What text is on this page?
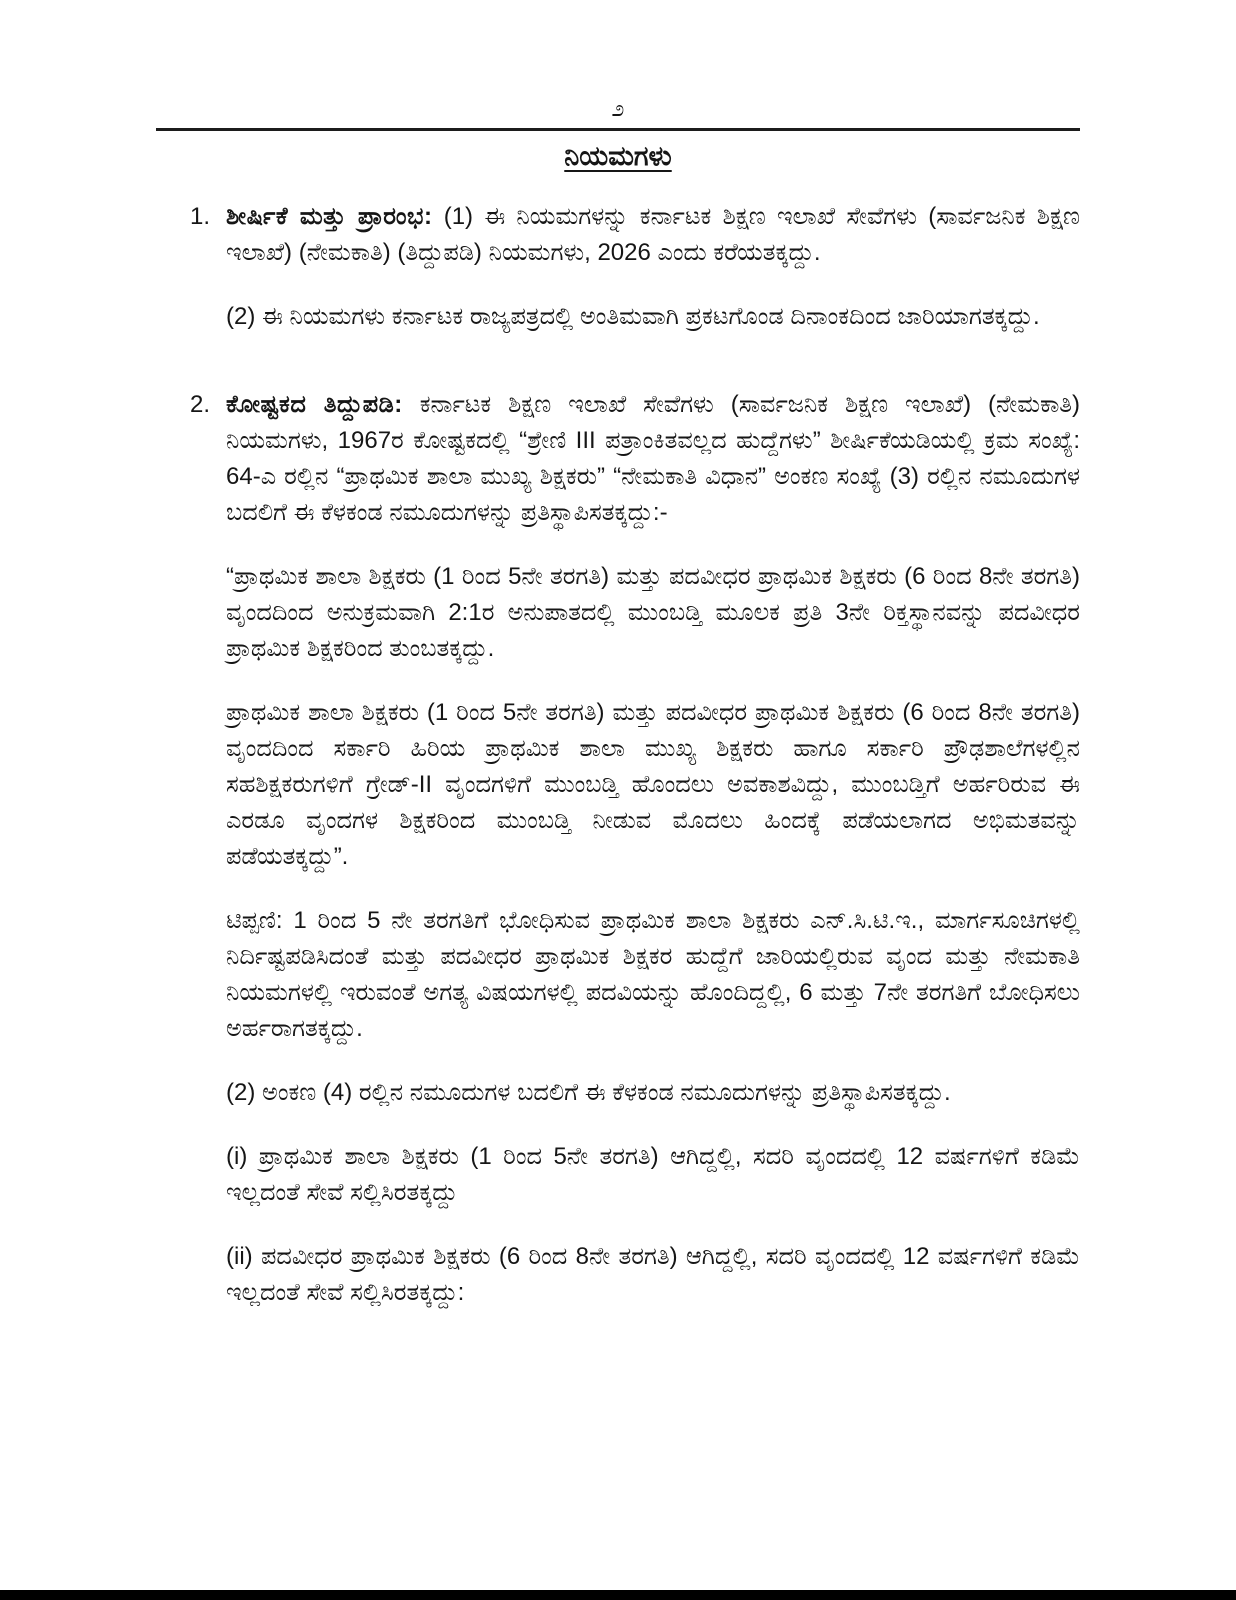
೨
ನಿಯಮಗಳು
1. ಶೀರ್ಷಿಕೆ ಮತ್ತು ಪ್ರಾರಂಭ: (1) ಈ ನಿಯಮಗಳನ್ನು ಕರ್ನಾಟಕ ಶಿಕ್ಷಣ ಇಲಾಖೆ ಸೇವೆಗಳು (ಸಾರ್ವಜನಿಕ ಶಿಕ್ಷಣ ಇಲಾಖೆ) (ನೇಮಕಾತಿ) (ತಿದ್ದುಪಡಿ) ನಿಯಮಗಳು, 2026 ಎಂದು ಕರೆಯತಕ್ಕದ್ದು.

(2) ಈ ನಿಯಮಗಳು ಕರ್ನಾಟಕ ರಾಜ್ಯಪತ್ರದಲ್ಲಿ ಅಂತಿಮವಾಗಿ ಪ್ರಕಟಗೊಂಡ ದಿನಾಂಕದಿಂದ ಜಾರಿಯಾಗತಕ್ಕದ್ದು.

2. ಕೋಷ್ಟಕದ ತಿದ್ದುಪಡಿ: ಕರ್ನಾಟಕ ಶಿಕ್ಷಣ ಇಲಾಖೆ ಸೇವೆಗಳು (ಸಾರ್ವಜನಿಕ ಶಿಕ್ಷಣ ಇಲಾಖೆ) (ನೇಮಕಾತಿ) ನಿಯಮಗಳು, 1967ರ ಕೋಷ್ಟಕದಲ್ಲಿ “ಶ್ರೇಣಿ III ಪತ್ರಾಂಕಿತವಲ್ಲದ ಹುದ್ದೆಗಳು” ಶೀರ್ಷಿಕೆಯಡಿಯಲ್ಲಿ ಕ್ರಮ ಸಂಖ್ಯೆ: 64-ಎ ರಲ್ಲಿನ “ಪ್ರಾಥಮಿಕ ಶಾಲಾ ಮುಖ್ಯ ಶಿಕ್ಷಕರು” “ನೇಮಕಾತಿ ವಿಧಾನ” ಅಂಕಣ ಸಂಖ್ಯೆ (3) ರಲ್ಲಿನ ನಮೂದುಗಳ ಬದಲಿಗೆ ಈ ಕೆಳಕಂಡ ನಮೂದುಗಳನ್ನು ಪ್ರತಿಸ್ಥಾಪಿಸತಕ್ಕದ್ದು:-

“ಪ್ರಾಥಮಿಕ ಶಾಲಾ ಶಿಕ್ಷಕರು (1 ರಿಂದ 5ನೇ ತರಗತಿ) ಮತ್ತು ಪದವೀಧರ ಪ್ರಾಥಮಿಕ ಶಿಕ್ಷಕರು (6 ರಿಂದ 8ನೇ ತರಗತಿ) ವೃಂದದಿಂದ ಅನುಕ್ರಮವಾಗಿ 2:1ರ ಅನುಪಾತದಲ್ಲಿ ಮುಂಬಡ್ತಿ ಮೂಲಕ ಪ್ರತಿ 3ನೇ ರಿಕ್ತಸ್ಥಾನವನ್ನು ಪದವೀಧರ ಪ್ರಾಥಮಿಕ ಶಿಕ್ಷಕರಿಂದ ತುಂಬತಕ್ಕದ್ದು.

ಪ್ರಾಥಮಿಕ ಶಾಲಾ ಶಿಕ್ಷಕರು (1 ರಿಂದ 5ನೇ ತರಗತಿ) ಮತ್ತು ಪದವೀಧರ ಪ್ರಾಥಮಿಕ ಶಿಕ್ಷಕರು (6 ರಿಂದ 8ನೇ ತರಗತಿ) ವೃಂದದಿಂದ ಸರ್ಕಾರಿ ಹಿರಿಯ ಪ್ರಾಥಮಿಕ ಶಾಲಾ ಮುಖ್ಯ ಶಿಕ್ಷಕರು ಹಾಗೂ ಸರ್ಕಾರಿ ಪ್ರೌಢಶಾಲೆಗಳಲ್ಲಿನ ಸಹಶಿಕ್ಷಕರುಗಳಿಗೆ ಗ್ರೇಡ್-II ವೃಂದಗಳಿಗೆ ಮುಂಬಡ್ತಿ ಹೊಂದಲು ಅವಕಾಶವಿದ್ದು, ಮುಂಬಡ್ತಿಗೆ ಅರ್ಹರಿರುವ ಈ ಎರಡೂ ವೃಂದಗಳ ಶಿಕ್ಷಕರಿಂದ ಮುಂಬಡ್ತಿ ನೀಡುವ ಮೊದಲು ಹಿಂದಕ್ಕೆ ಪಡೆಯಲಾಗದ ಅಭಿಮತವನ್ನು ಪಡೆಯತಕ್ಕದ್ದು”.

ಟಿಪ್ಪಣಿ: 1 ರಿಂದ 5 ನೇ ತರಗತಿಗೆ ಭೋಧಿಸುವ ಪ್ರಾಥಮಿಕ ಶಾಲಾ ಶಿಕ್ಷಕರು ಎನ್.ಸಿ.ಟಿ.ಇ., ಮಾರ್ಗಸೂಚಿಗಳಲ್ಲಿ ನಿರ್ದಿಷ್ಟಪಡಿಸಿದಂತೆ ಮತ್ತು ಪದವೀಧರ ಪ್ರಾಥಮಿಕ ಶಿಕ್ಷಕರ ಹುದ್ದೆಗೆ ಜಾರಿಯಲ್ಲಿರುವ ವೃಂದ ಮತ್ತು ನೇಮಕಾತಿ ನಿಯಮಗಳಲ್ಲಿ ಇರುವಂತೆ ಅಗತ್ಯ ವಿಷಯಗಳಲ್ಲಿ ಪದವಿಯನ್ನು ಹೊಂದಿದ್ದಲ್ಲಿ, 6 ಮತ್ತು 7ನೇ ತರಗತಿಗೆ ಬೋಧಿಸಲು ಅರ್ಹರಾಗತಕ್ಕದ್ದು.

(2) ಅಂಕಣ (4) ರಲ್ಲಿನ ನಮೂದುಗಳ ಬದಲಿಗೆ ಈ ಕೆಳಕಂಡ ನಮೂದುಗಳನ್ನು ಪ್ರತಿಸ್ಥಾಪಿಸತಕ್ಕದ್ದು.

(i) ಪ್ರಾಥಮಿಕ ಶಾಲಾ ಶಿಕ್ಷಕರು (1 ರಿಂದ 5ನೇ ತರಗತಿ) ಆಗಿದ್ದಲ್ಲಿ, ಸದರಿ ವೃಂದದಲ್ಲಿ 12 ವರ್ಷಗಳಿಗೆ ಕಡಿಮೆ ಇಲ್ಲದಂತೆ ಸೇವೆ ಸಲ್ಲಿಸಿರತಕ್ಕದ್ದು

(ii) ಪದವೀಧರ ಪ್ರಾಥಮಿಕ ಶಿಕ್ಷಕರು (6 ರಿಂದ 8ನೇ ತರಗತಿ) ಆಗಿದ್ದಲ್ಲಿ, ಸದರಿ ವೃಂದದಲ್ಲಿ 12 ವರ್ಷಗಳಿಗೆ ಕಡಿಮೆ ಇಲ್ಲದಂತೆ ಸೇವೆ ಸಲ್ಲಿಸಿರತಕ್ಕದ್ದು:
